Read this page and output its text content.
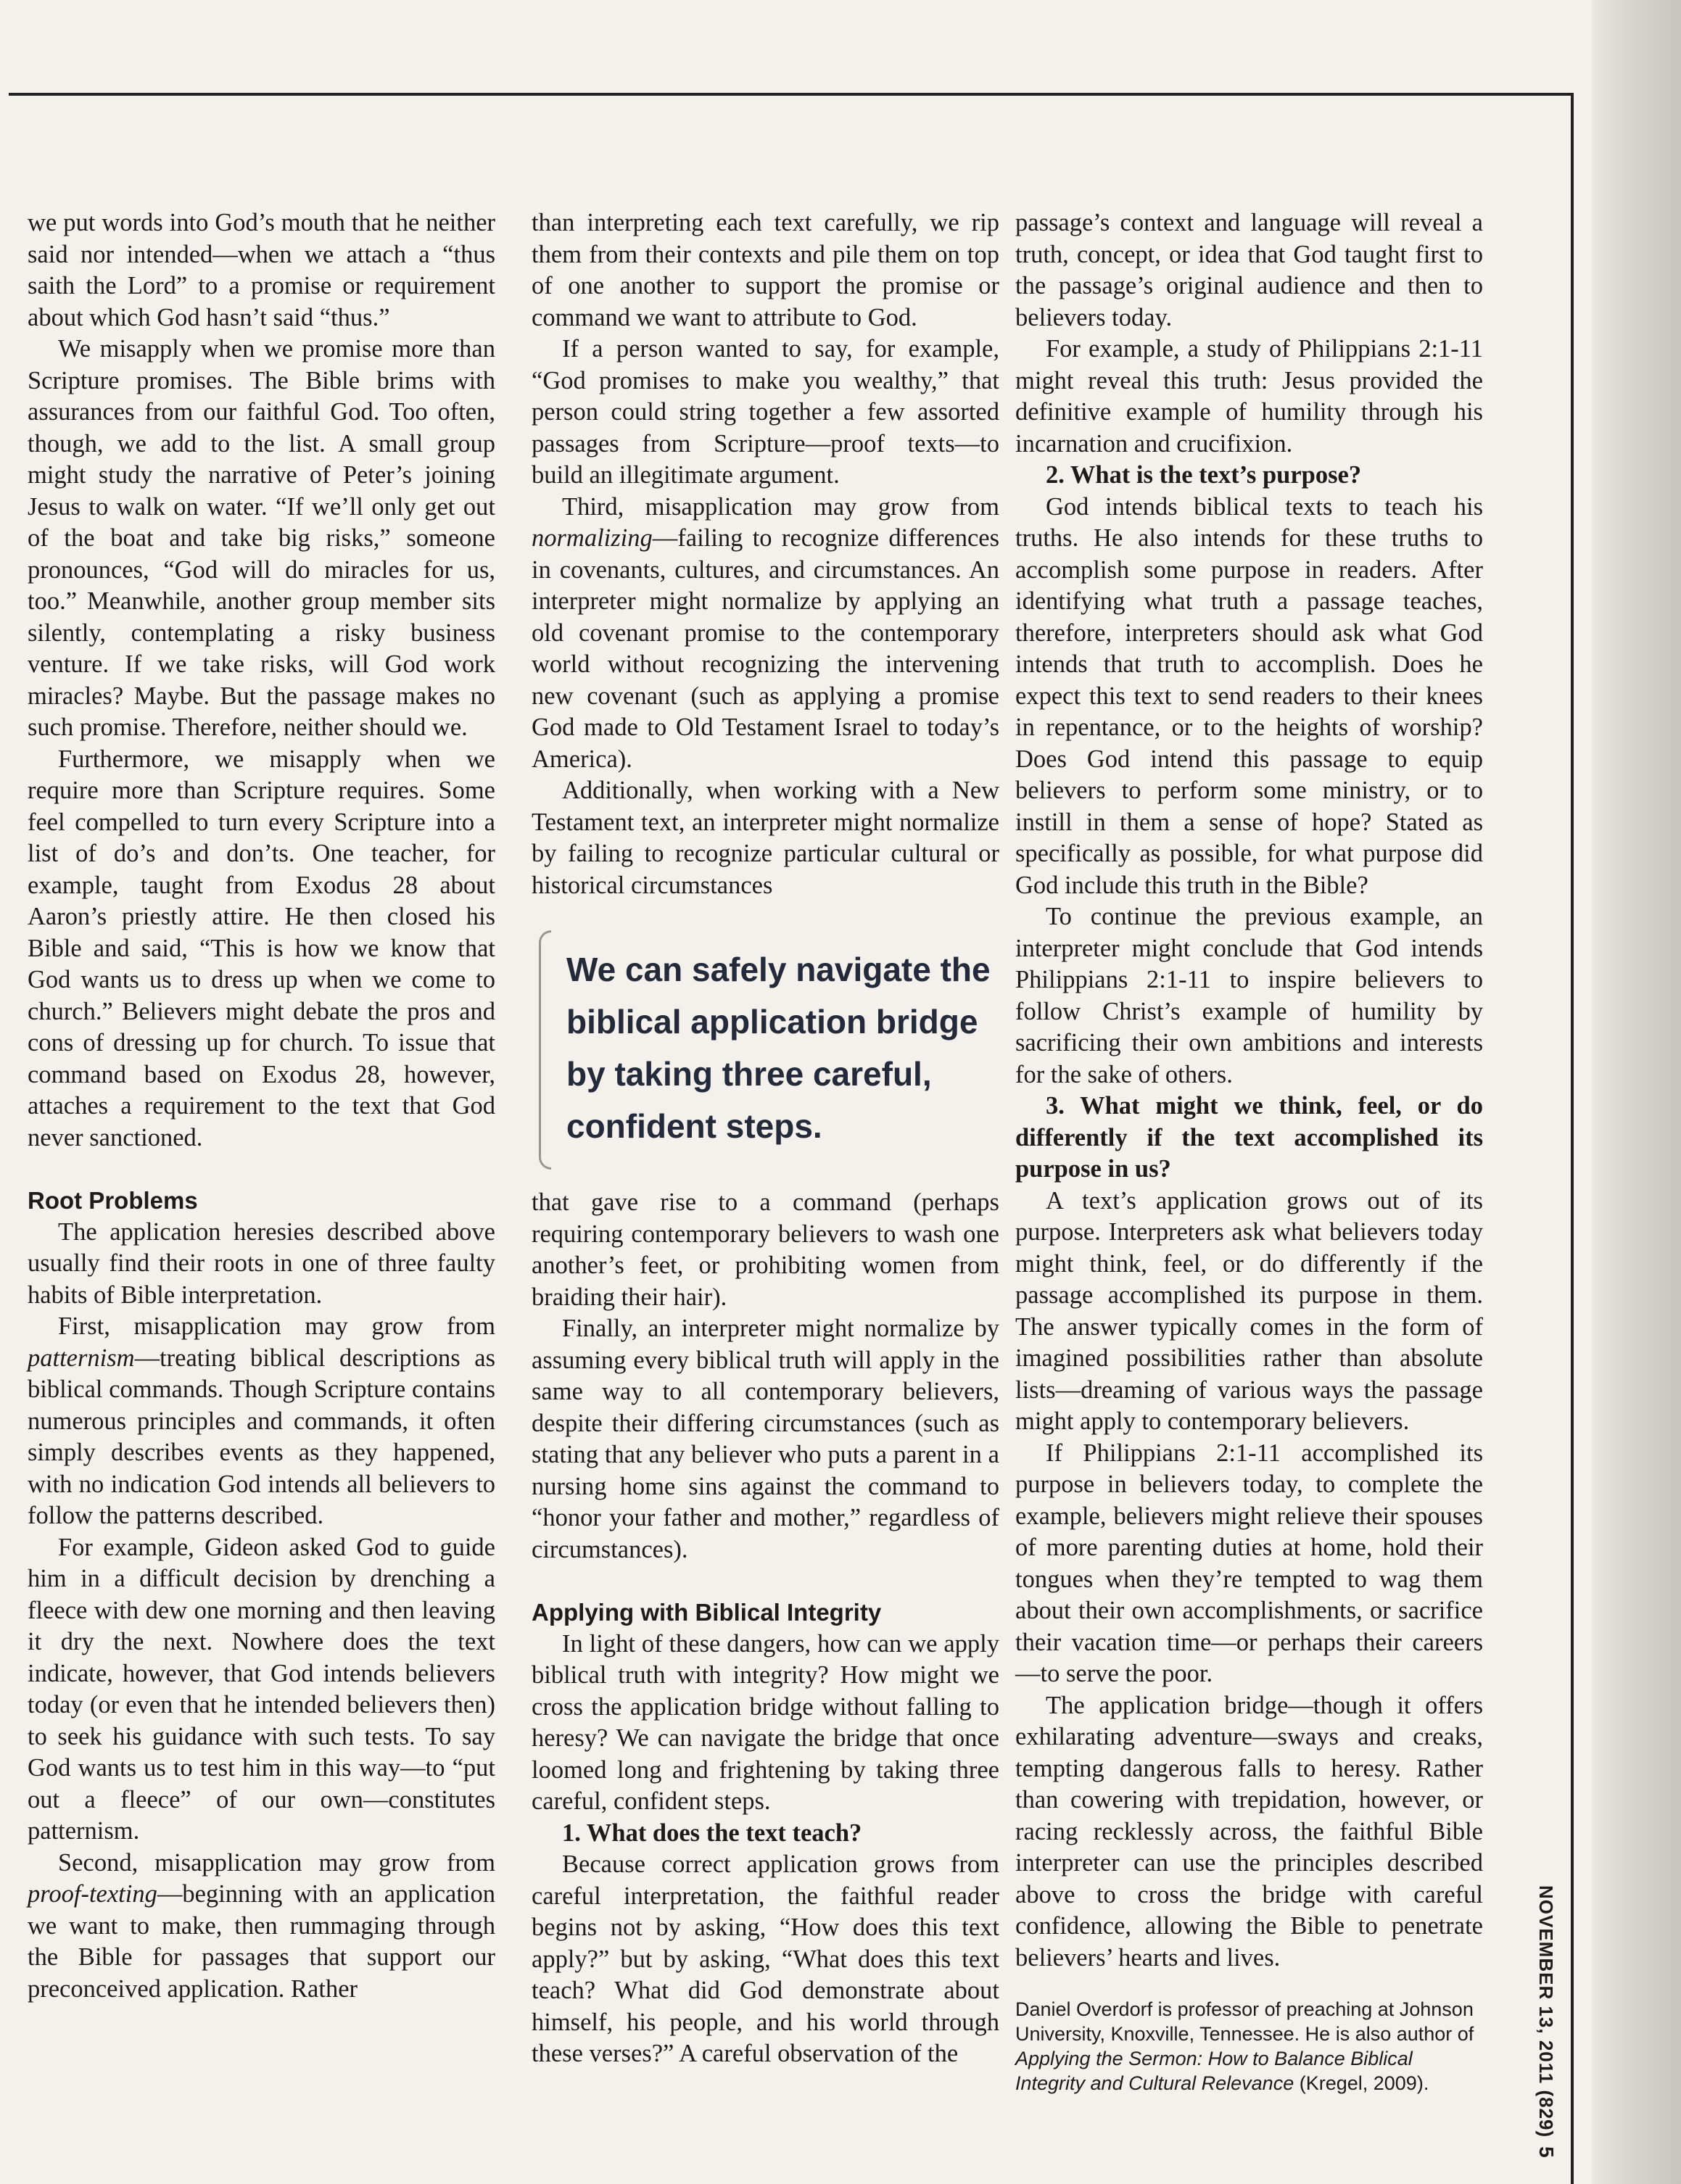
we put words into God’s mouth that he neither said nor intended—when we attach a “thus saith the Lord” to a promise or requirement about which God hasn’t said “thus.”

We misapply when we promise more than Scripture promises. The Bible brims with assurances from our faithful God. Too often, though, we add to the list. A small group might study the narrative of Peter’s joining Jesus to walk on water. “If we’ll only get out of the boat and take big risks,” someone pronounces, “God will do miracles for us, too.” Meanwhile, another group member sits silently, contemplating a risky business venture. If we take risks, will God work miracles? Maybe. But the passage makes no such promise. Therefore, neither should we.

Furthermore, we misapply when we require more than Scripture requires. Some feel compelled to turn every Scripture into a list of do’s and don’ts. One teacher, for example, taught from Exodus 28 about Aaron’s priestly attire. He then closed his Bible and said, “This is how we know that God wants us to dress up when we come to church.” Believers might debate the pros and cons of dressing up for church. To issue that command based on Exodus 28, however, attaches a requirement to the text that God never sanctioned.

Root Problems

The application heresies described above usually find their roots in one of three faulty habits of Bible interpretation.

First, misapplication may grow from patternism—treating biblical descriptions as biblical commands. Though Scripture contains numerous principles and commands, it often simply describes events as they happened, with no indication God intends all believers to follow the patterns described.

For example, Gideon asked God to guide him in a difficult decision by drenching a fleece with dew one morning and then leaving it dry the next. Nowhere does the text indicate, however, that God intends believers today (or even that he intended believers then) to seek his guidance with such tests. To say God wants us to test him in this way—to “put out a fleece” of our own—constitutes patternism.

Second, misapplication may grow from proof-texting—beginning with an application we want to make, then rummaging through the Bible for passages that support our preconceived application. Rather

than interpreting each text carefully, we rip them from their contexts and pile them on top of one another to support the promise or command we want to attribute to God.

If a person wanted to say, for example, “God promises to make you wealthy,” that person could string together a few assorted passages from Scripture—proof texts—to build an illegitimate argument.

Third, misapplication may grow from normalizing—failing to recognize differences in covenants, cultures, and circumstances. An interpreter might normalize by applying an old covenant promise to the contemporary world without recognizing the intervening new covenant (such as applying a promise God made to Old Testament Israel to today’s America).

Additionally, when working with a New Testament text, an interpreter might normalize by failing to recognize particular cultural or historical circumstances

We can safely navigate the biblical application bridge by taking three careful, confident steps.

that gave rise to a command (perhaps requiring contemporary believers to wash one another’s feet, or prohibiting women from braiding their hair).

Finally, an interpreter might normalize by assuming every biblical truth will apply in the same way to all contemporary believers, despite their differing circumstances (such as stating that any believer who puts a parent in a nursing home sins against the command to “honor your father and mother,” regardless of circumstances).

Applying with Biblical Integrity

In light of these dangers, how can we apply biblical truth with integrity? How might we cross the application bridge without falling to heresy? We can navigate the bridge that once loomed long and frightening by taking three careful, confident steps.

1. What does the text teach?

Because correct application grows from careful interpretation, the faithful reader begins not by asking, “How does this text apply?” but by asking, “What does this text teach? What did God demonstrate about himself, his people, and his world through these verses?” A careful observation of the

passage’s context and language will reveal a truth, concept, or idea that God taught first to the passage’s original audience and then to believers today.

For example, a study of Philippians 2:1-11 might reveal this truth: Jesus provided the definitive example of humility through his incarnation and crucifixion.

2. What is the text’s purpose?

God intends biblical texts to teach his truths. He also intends for these truths to accomplish some purpose in readers. After identifying what truth a passage teaches, therefore, interpreters should ask what God intends that truth to accomplish. Does he expect this text to send readers to their knees in repentance, or to the heights of worship? Does God intend this passage to equip believers to perform some ministry, or to instill in them a sense of hope? Stated as specifically as possible, for what purpose did God include this truth in the Bible?

To continue the previous example, an interpreter might conclude that God intends Philippians 2:1-11 to inspire believers to follow Christ’s example of humility by sacrificing their own ambitions and interests for the sake of others.

3. What might we think, feel, or do differently if the text accomplished its purpose in us?

A text’s application grows out of its purpose. Interpreters ask what believers today might think, feel, or do differently if the passage accomplished its purpose in them. The answer typically comes in the form of imagined possibilities rather than absolute lists—dreaming of various ways the passage might apply to contemporary believers.

If Philippians 2:1-11 accomplished its purpose in believers today, to complete the example, believers might relieve their spouses of more parenting duties at home, hold their tongues when they’re tempted to wag them about their own accomplishments, or sacrifice their vacation time—or perhaps their careers—to serve the poor.

The application bridge—though it offers exhilarating adventure—sways and creaks, tempting dangerous falls to heresy. Rather than cowering with trepidation, however, or racing recklessly across, the faithful Bible interpreter can use the principles described above to cross the bridge with careful confidence, allowing the Bible to penetrate believers’ hearts and lives.

Daniel Overdorf is professor of preaching at Johnson University, Knoxville, Tennessee. He is also author of Applying the Sermon: How to Balance Biblical Integrity and Cultural Relevance (Kregel, 2009).	NOVEMBER 13, 2011 (829)5
